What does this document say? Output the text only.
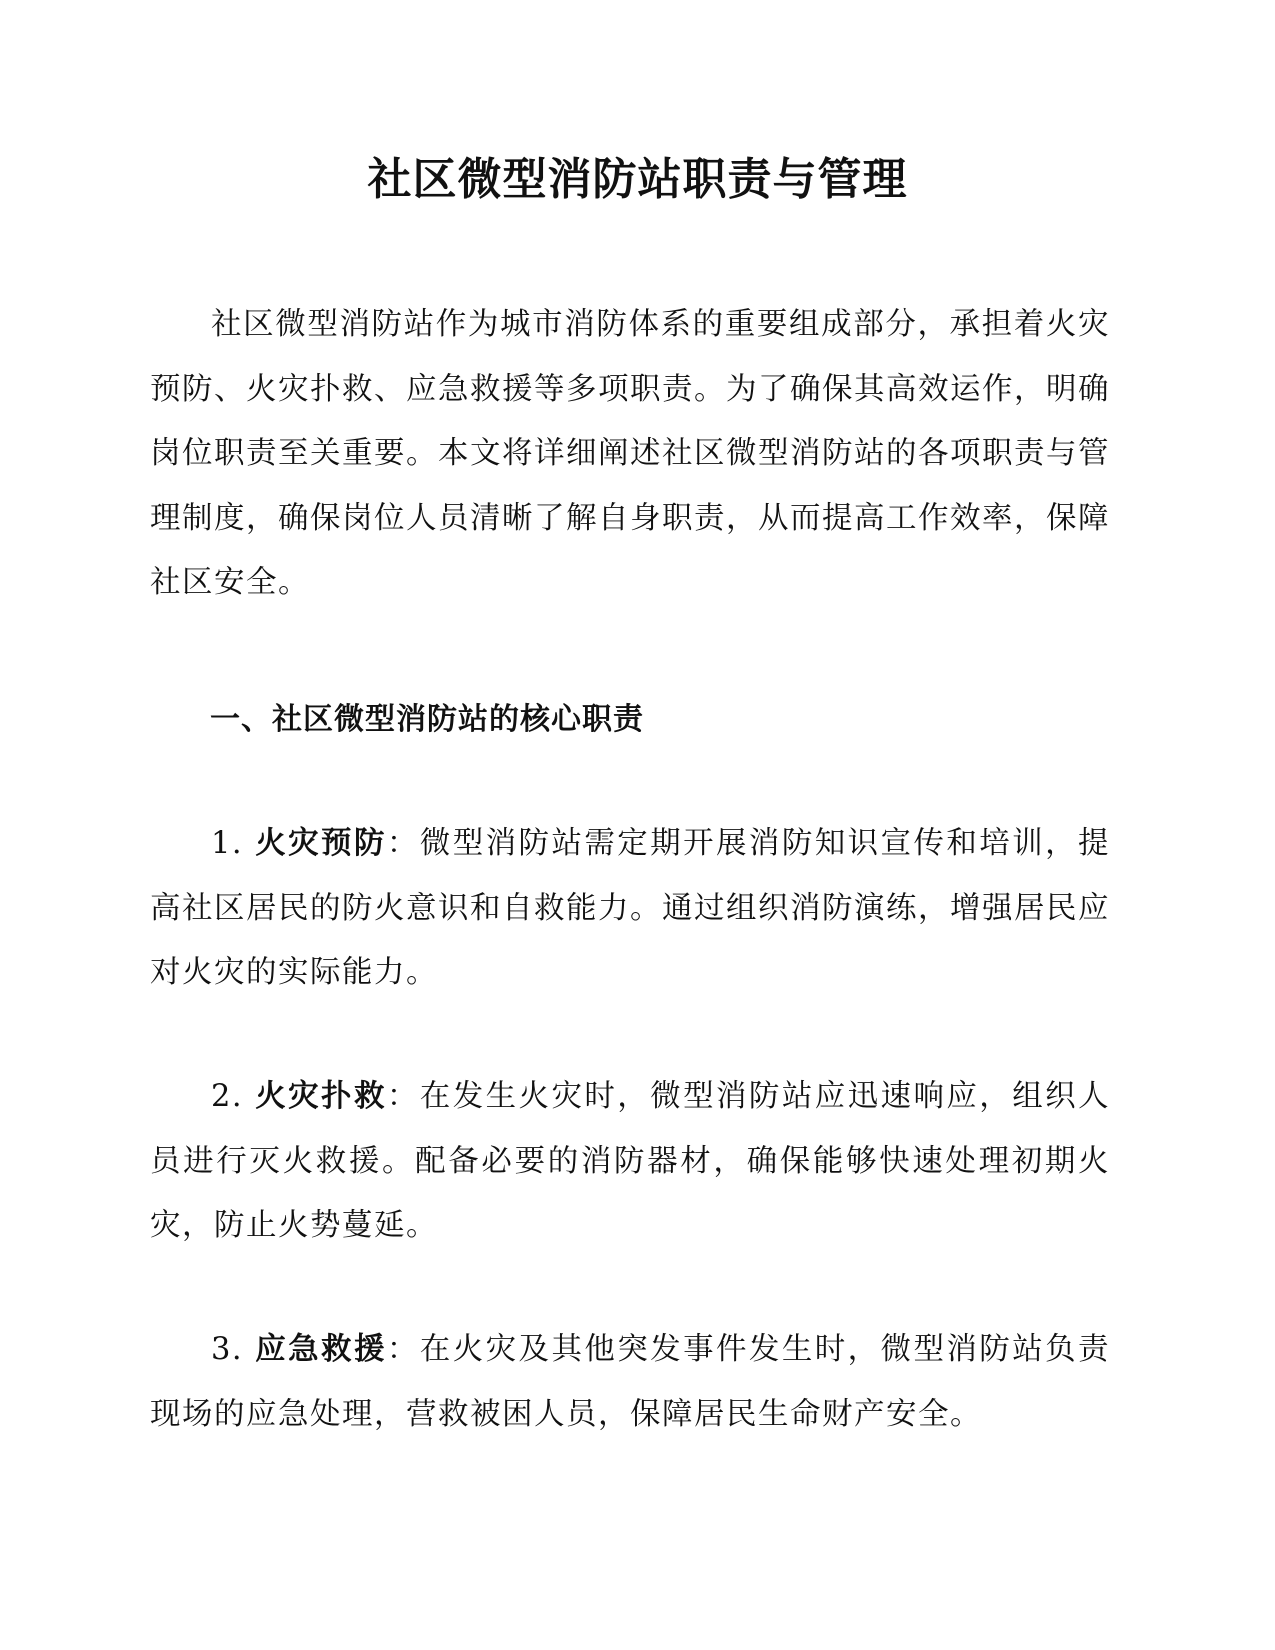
社区微型消防站职责与管理

社区微型消防站作为城市消防体系的重要组成部分，承担着火灾预防、火灾扑救、应急救援等多项职责。为了确保其高效运作，明确岗位职责至关重要。本文将详细阐述社区微型消防站的各项职责与管理制度，确保岗位人员清晰了解自身职责，从而提高工作效率，保障社区安全。

一、社区微型消防站的核心职责

1. 火灾预防：微型消防站需定期开展消防知识宣传和培训，提高社区居民的防火意识和自救能力。通过组织消防演练，增强居民应对火灾的实际能力。

2. 火灾扑救：在发生火灾时，微型消防站应迅速响应，组织人员进行灭火救援。配备必要的消防器材，确保能够快速处理初期火灾，防止火势蔓延。

3. 应急救援：在火灾及其他突发事件发生时，微型消防站负责现场的应急处理，营救被困人员，保障居民生命财产安全。
